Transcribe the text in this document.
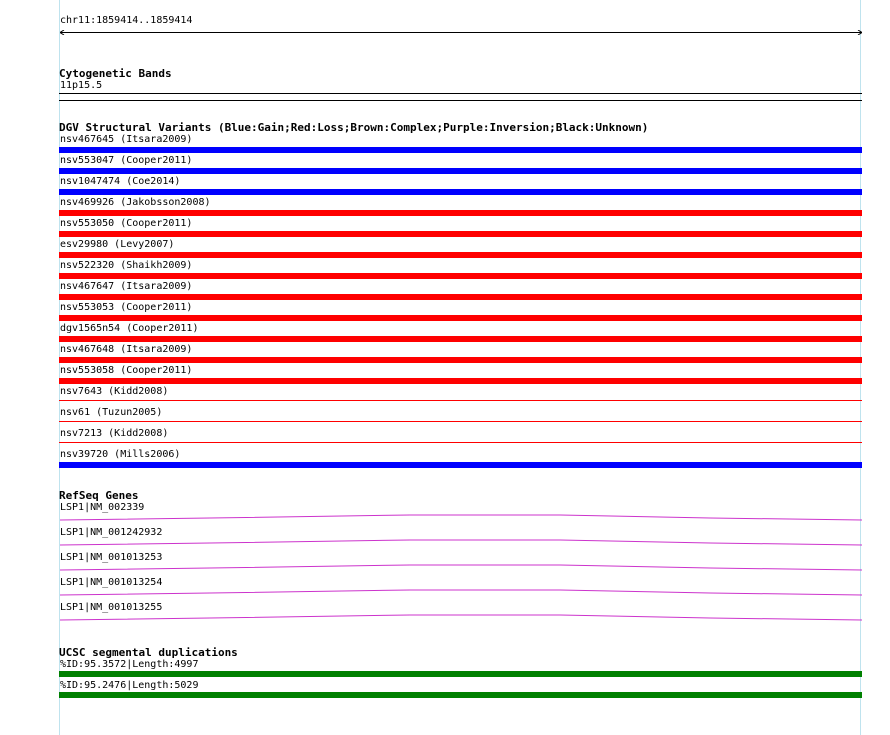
chr11:1859414..1859414
Cytogenetic Bands
11p15.5
DGV Structural Variants (Blue:Gain;Red:Loss;Brown:Complex;Purple:Inversion;Black:Unknown)
nsv467645 (Itsara2009)
nsv553047 (Cooper2011)
nsv1047474 (Coe2014)
nsv469926 (Jakobsson2008)
nsv553050 (Cooper2011)
esv29980 (Levy2007)
nsv522320 (Shaikh2009)
nsv467647 (Itsara2009)
nsv553053 (Cooper2011)
dgv1565n54 (Cooper2011)
nsv467648 (Itsara2009)
nsv553058 (Cooper2011)
nsv7643 (Kidd2008)
nsv61 (Tuzun2005)
nsv7213 (Kidd2008)
nsv39720 (Mills2006)
RefSeq Genes
LSP1|NM_002339
LSP1|NM_001242932
LSP1|NM_001013253
LSP1|NM_001013254
LSP1|NM_001013255
UCSC segmental duplications
%ID:95.3572|Length:4997
%ID:95.2476|Length:5029
